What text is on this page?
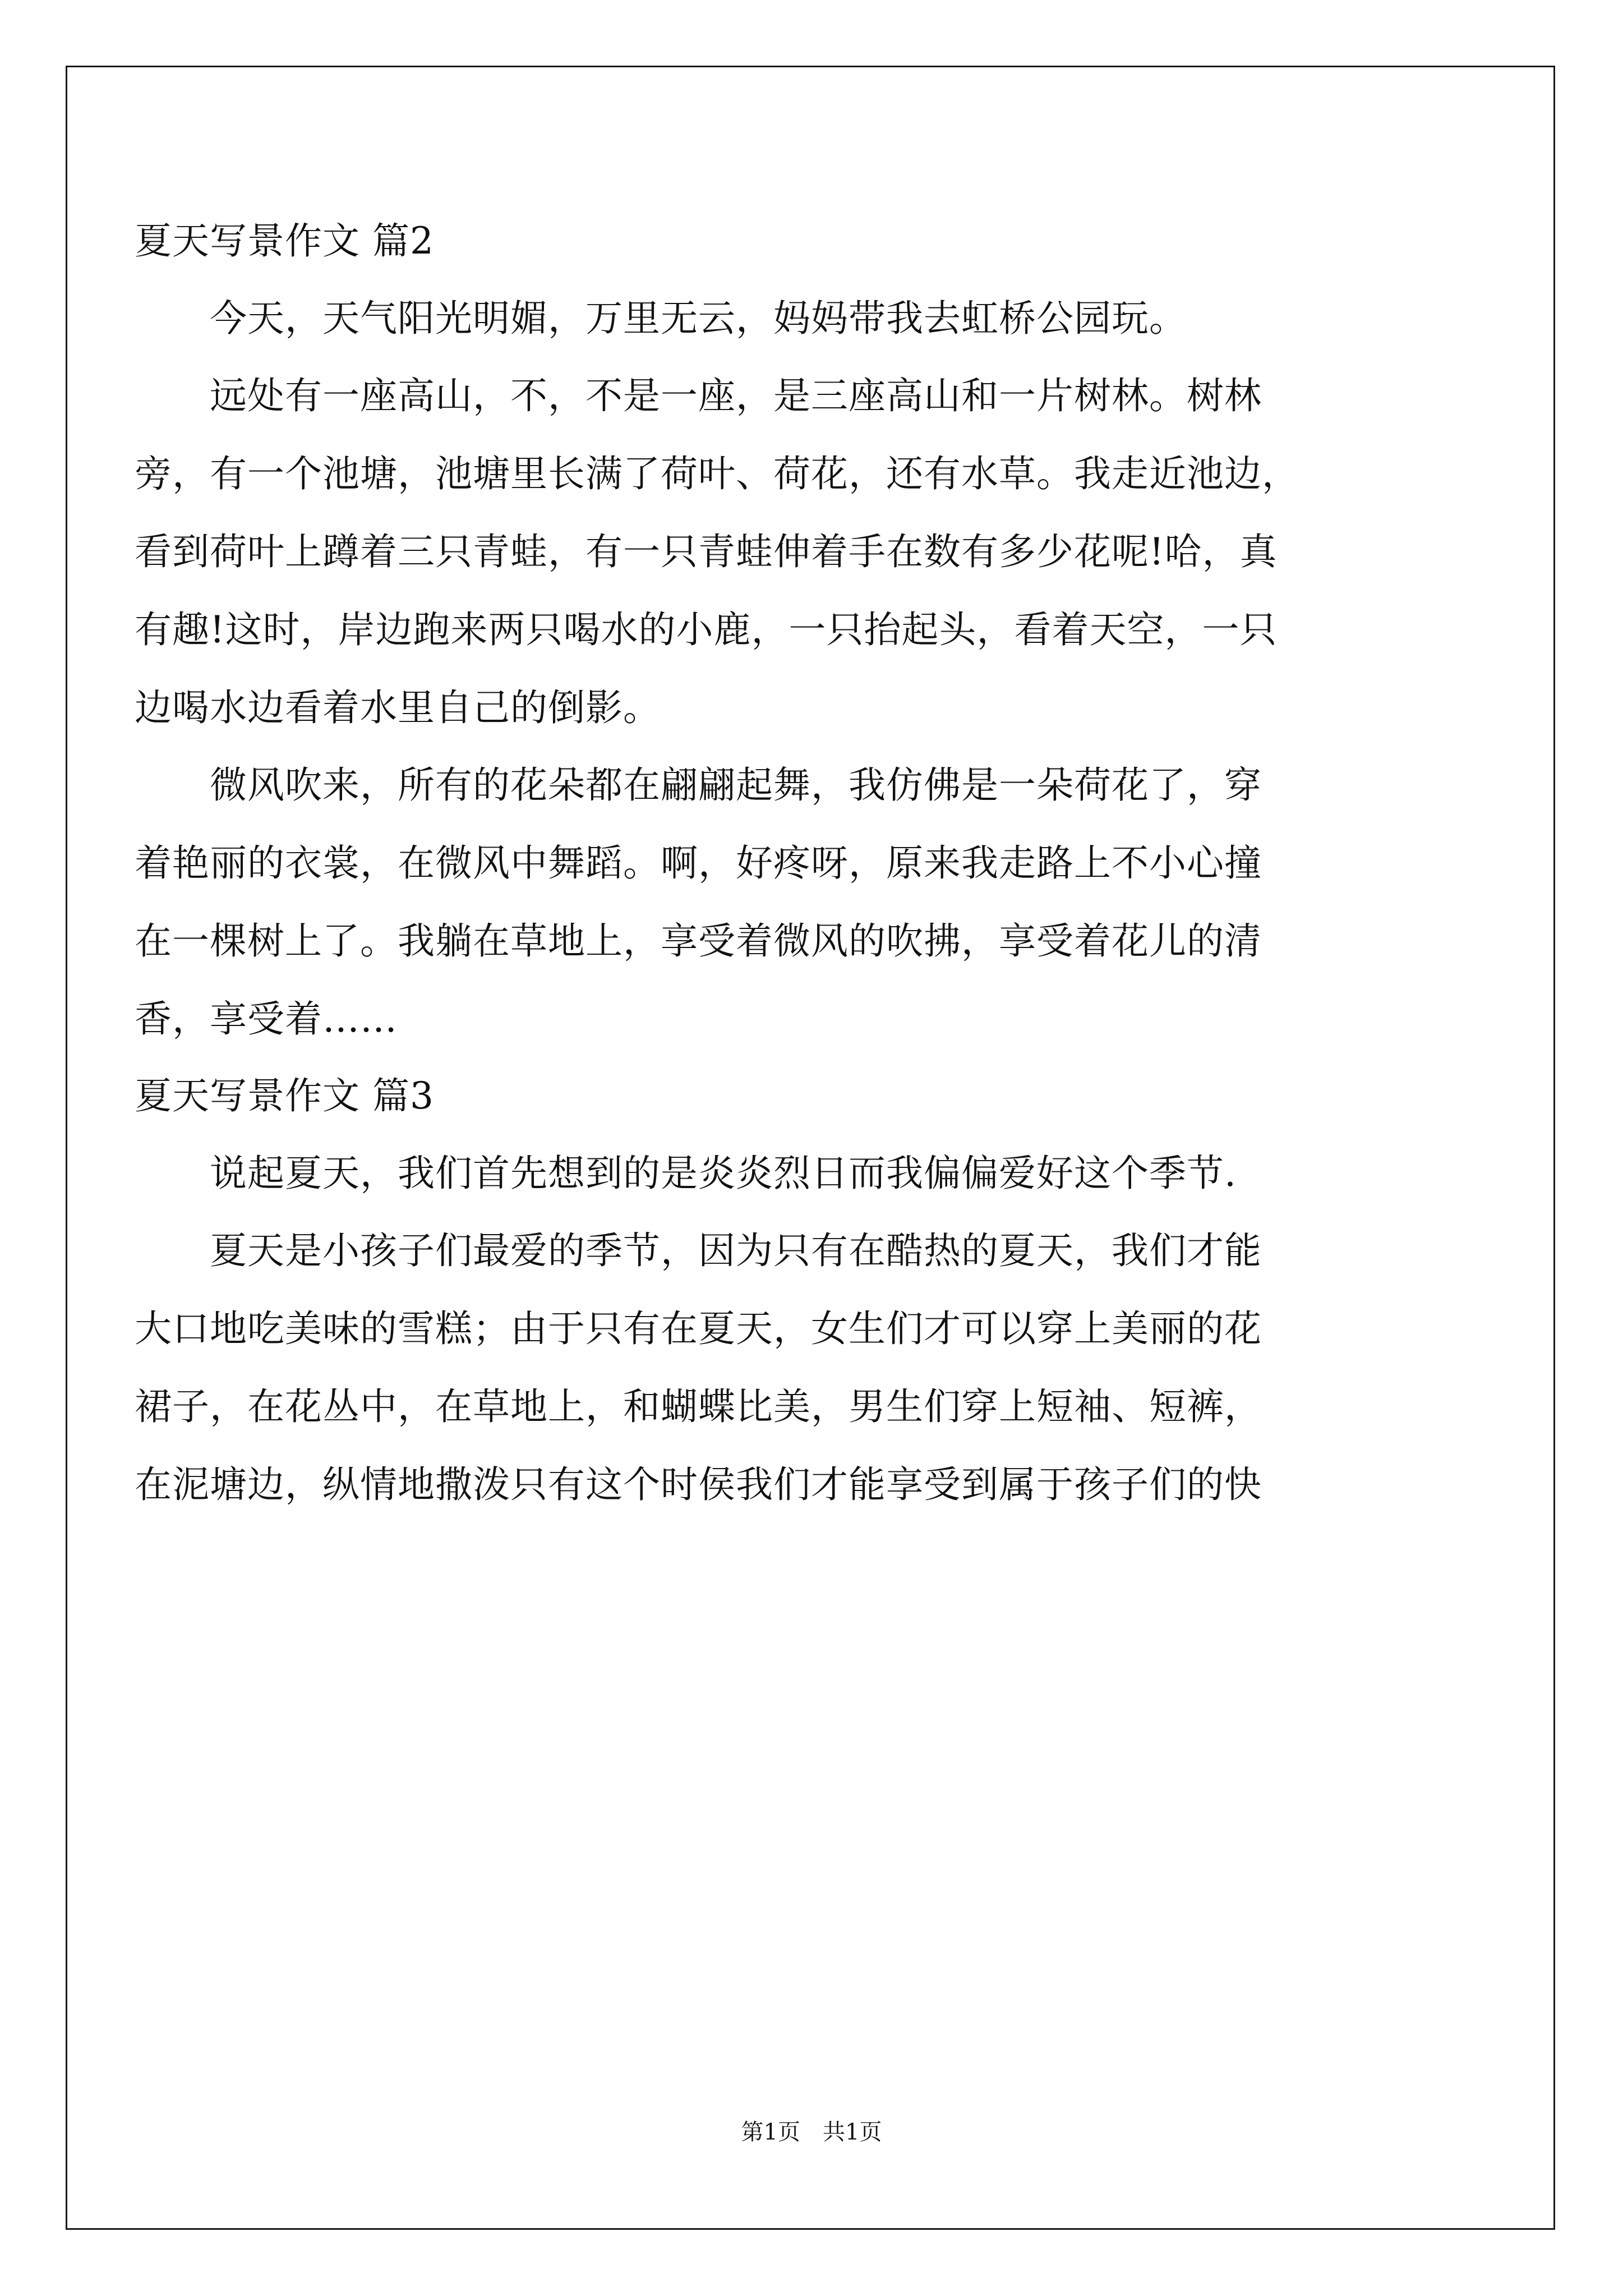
夏天写景作文 篇2
　　今天，天气阳光明媚，万里无云，妈妈带我去虹桥公园玩。
　　远处有一座高山，不，不是一座，是三座高山和一片树林。树林
旁，有一个池塘，池塘里长满了荷叶、荷花，还有水草。我走近池边，
看到荷叶上蹲着三只青蛙，有一只青蛙伸着手在数有多少花呢!哈，真
有趣!这时，岸边跑来两只喝水的小鹿，一只抬起头，看着天空，一只
边喝水边看着水里自己的倒影。
　　微风吹来，所有的花朵都在翩翩起舞，我仿佛是一朵荷花了，穿
着艳丽的衣裳，在微风中舞蹈。啊，好疼呀，原来我走路上不小心撞
在一棵树上了。我躺在草地上，享受着微风的吹拂，享受着花儿的清
香，享受着……
夏天写景作文 篇3
　　说起夏天，我们首先想到的是炎炎烈日而我偏偏爱好这个季节.
　　夏天是小孩子们最爱的季节，因为只有在酷热的夏天，我们才能
大口地吃美味的雪糕；由于只有在夏天，女生们才可以穿上美丽的花
裙子，在花丛中，在草地上，和蝴蝶比美，男生们穿上短袖、短裤，
在泥塘边，纵情地撒泼只有这个时侯我们才能享受到属于孩子们的快
第1页　共1页
